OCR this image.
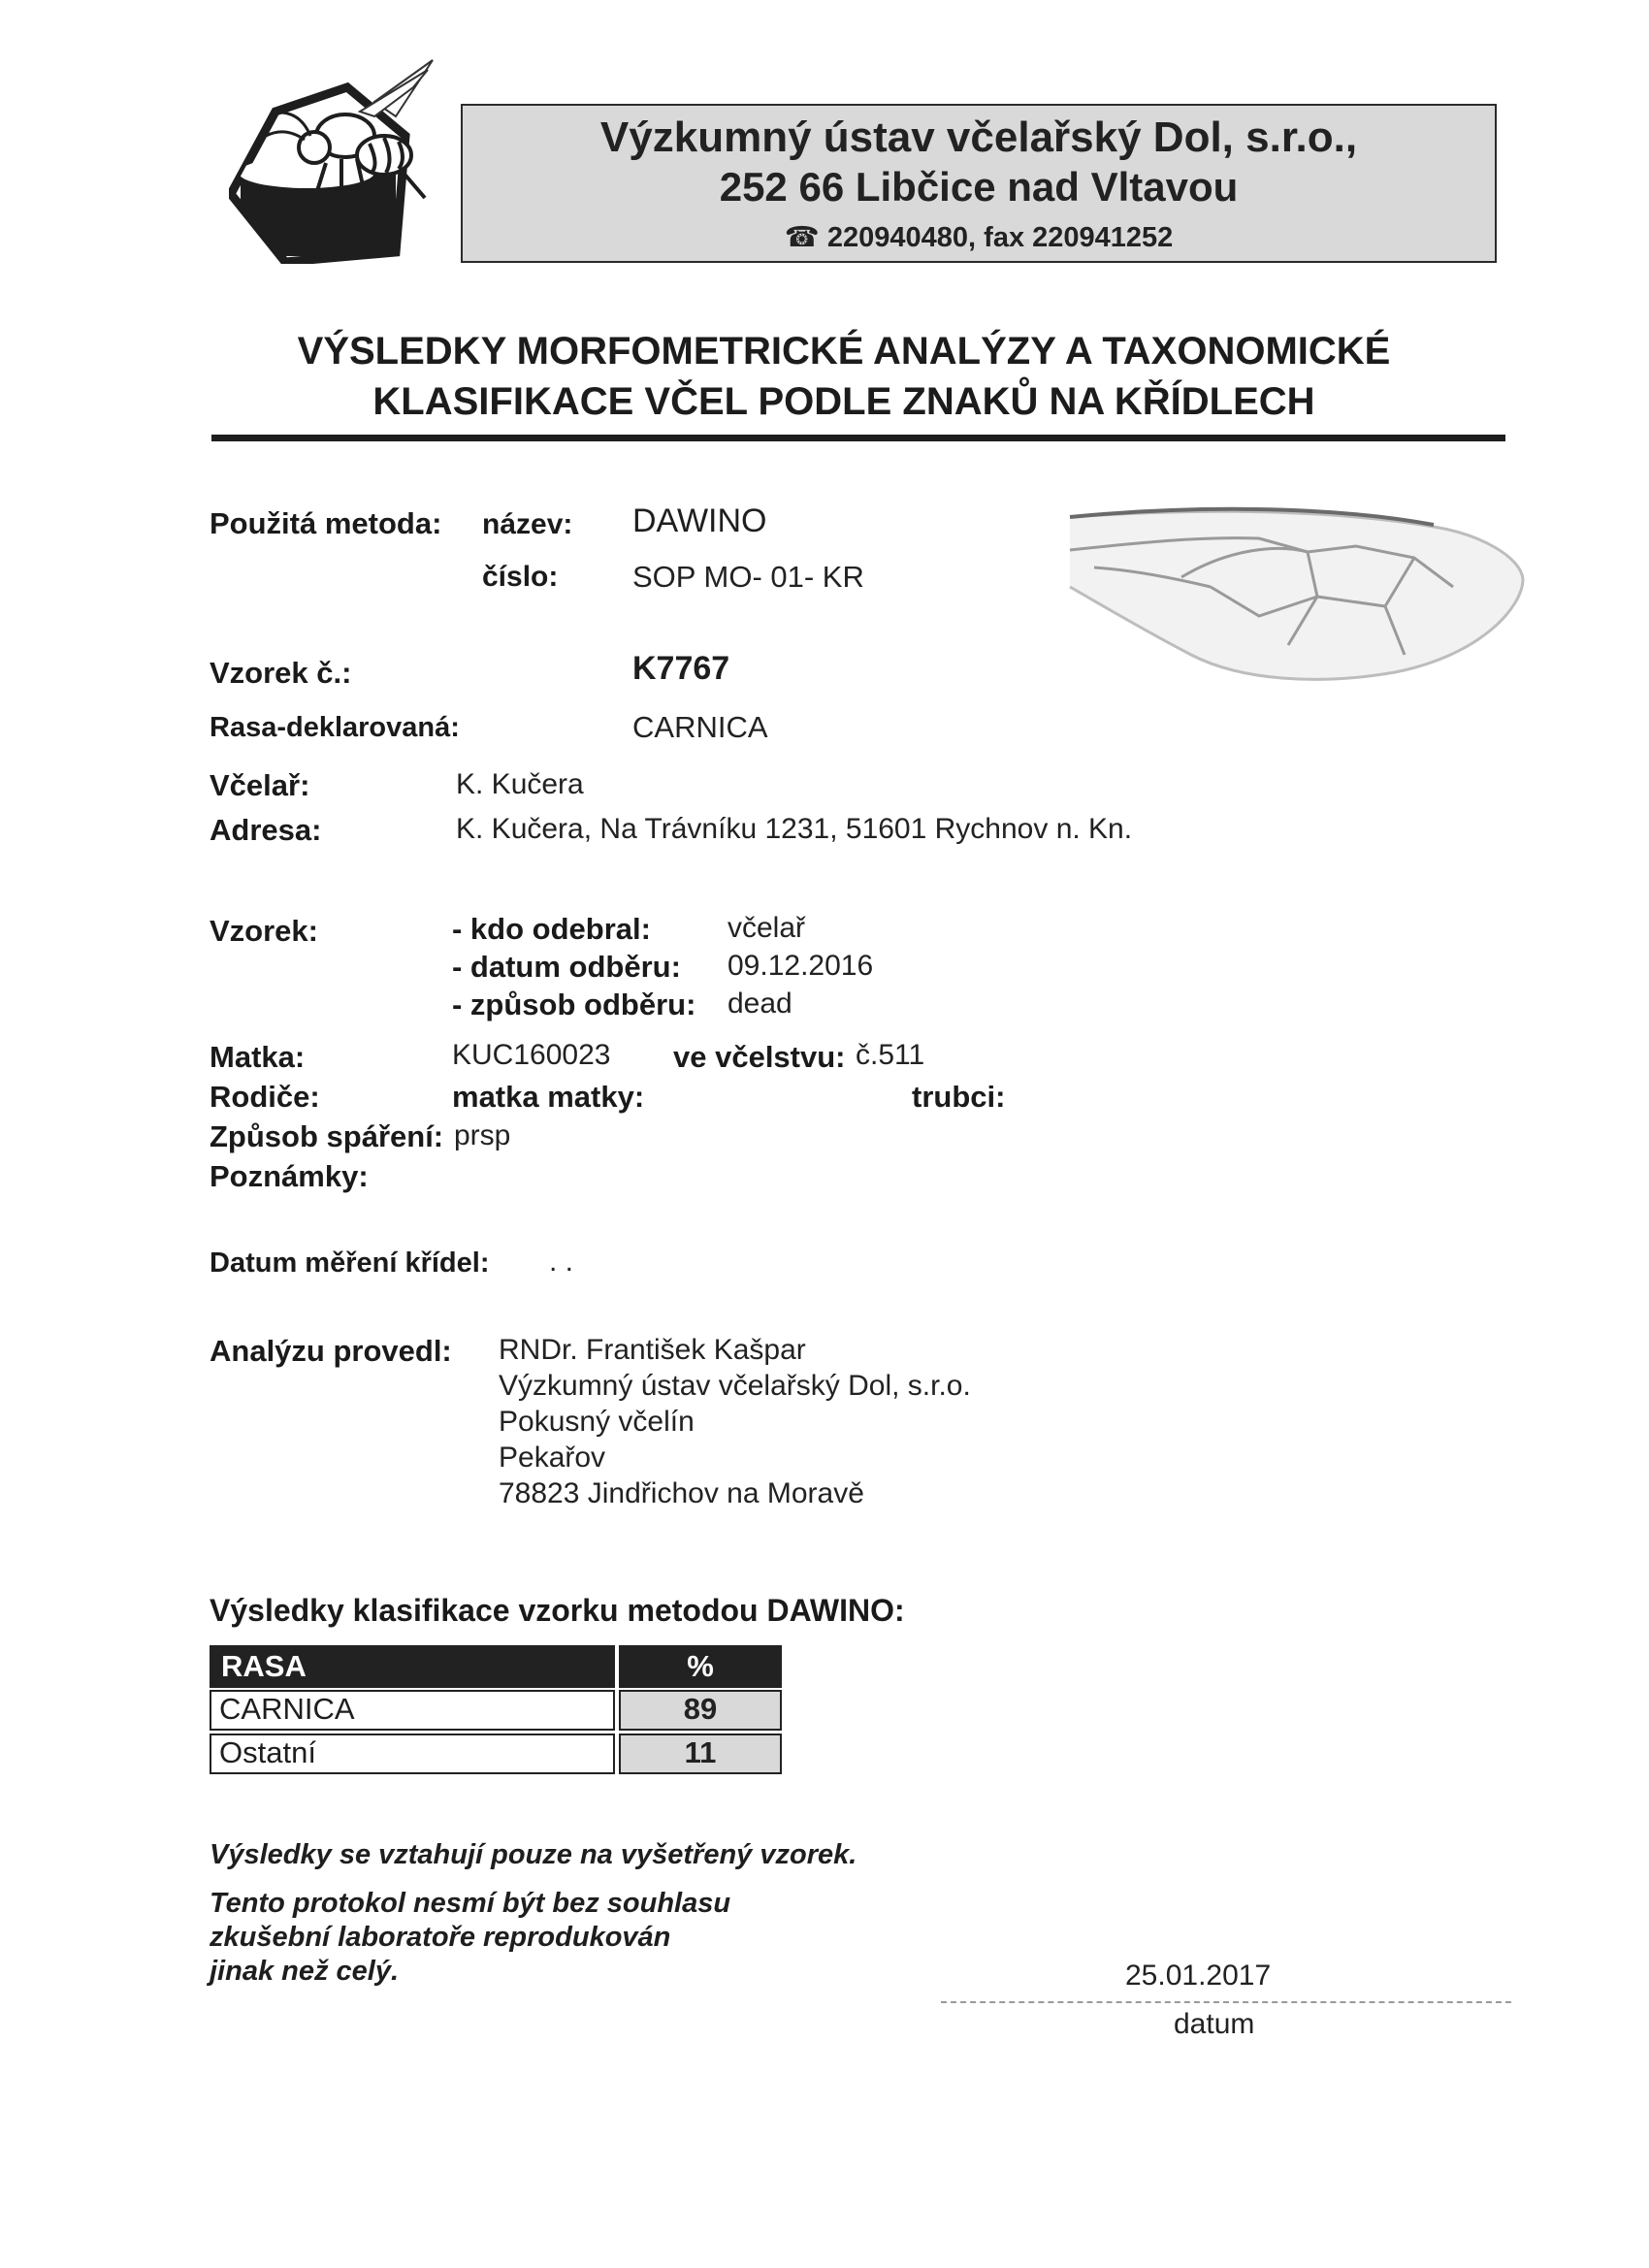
Výzkumný ústav včelařský Dol, s.r.o.,
252 66 Libčice nad Vltavou
☎ 220940480, fax 220941252
VÝSLEDKY MORFOMETRICKÉ ANALÝZY A TAXONOMICKÉ
KLASIFIKACE VČEL PODLE ZNAKŮ NA KŘÍDLECH
Použitá metoda: název: DAWINO
číslo: SOP MO- 01- KR
Vzorek č.:	K7767
Rasa-deklarovaná:	CARNICA
Včelař:	K. Kučera
Adresa:	K. Kučera, Na Trávníku 1231, 51601 Rychnov n. Kn.
Vzorek:	- kdo odebral:	včelař
- datum odběru: 09.12.2016
- způsob odběru: dead
Matka:	KUC160023 ve včelstvu: č.511
Rodiče:	matka matky:	trubci:
Způsob spáření: prsp
Poznámky:
Datum měření křídel: . .
Analýzu provedl: RNDr. František Kašpar
Výzkumný ústav včelařský Dol, s.r.o.
Pokusný včelín
Pekařov
78823 Jindřichov na Moravě
Výsledky klasifikace vzorku metodou DAWINO:
RASA	%
CARNICA	89
Ostatní	11
Výsledky se vztahují pouze na vyšetřený vzorek.
Tento protokol nesmí být bez souhlasu
zkušební laboratoře reprodukován
jinak než celý.	25.01.2017
datum
